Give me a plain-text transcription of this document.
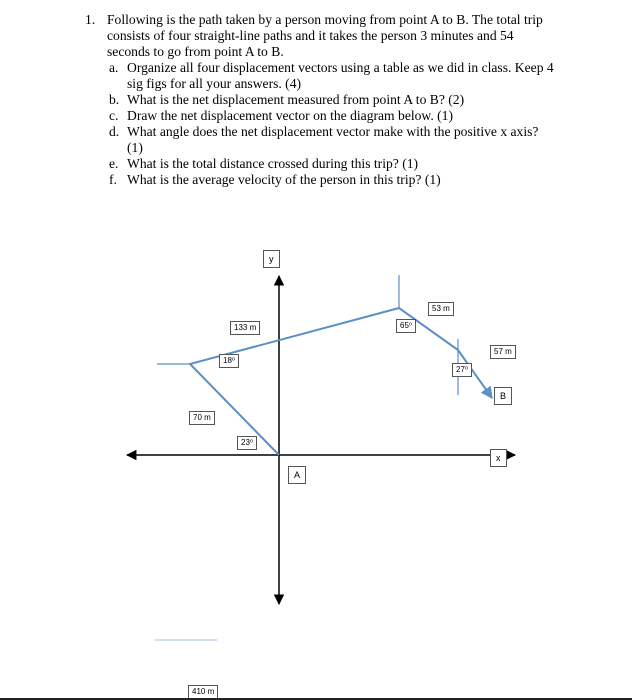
1. Following is the path taken by a person moving from point A to B. The total trip consists of four straight-line paths and it takes the person 3 minutes and 54 seconds to go from point A to B.
a. Organize all four displacement vectors using a table as we did in class. Keep 4 sig figs for all your answers. (4)
b. What is the net displacement measured from point A to B? (2)
c. Draw the net displacement vector on the diagram below. (1)
d. What angle does the net displacement vector make with the positive x axis? (1)
e. What is the total distance crossed during this trip? (1)
f. What is the average velocity of the person in this trip? (1)
y
x
A
B
70 m
23⁰
133 m
18⁰
53 m
65⁰
57 m
27⁰
410 m
